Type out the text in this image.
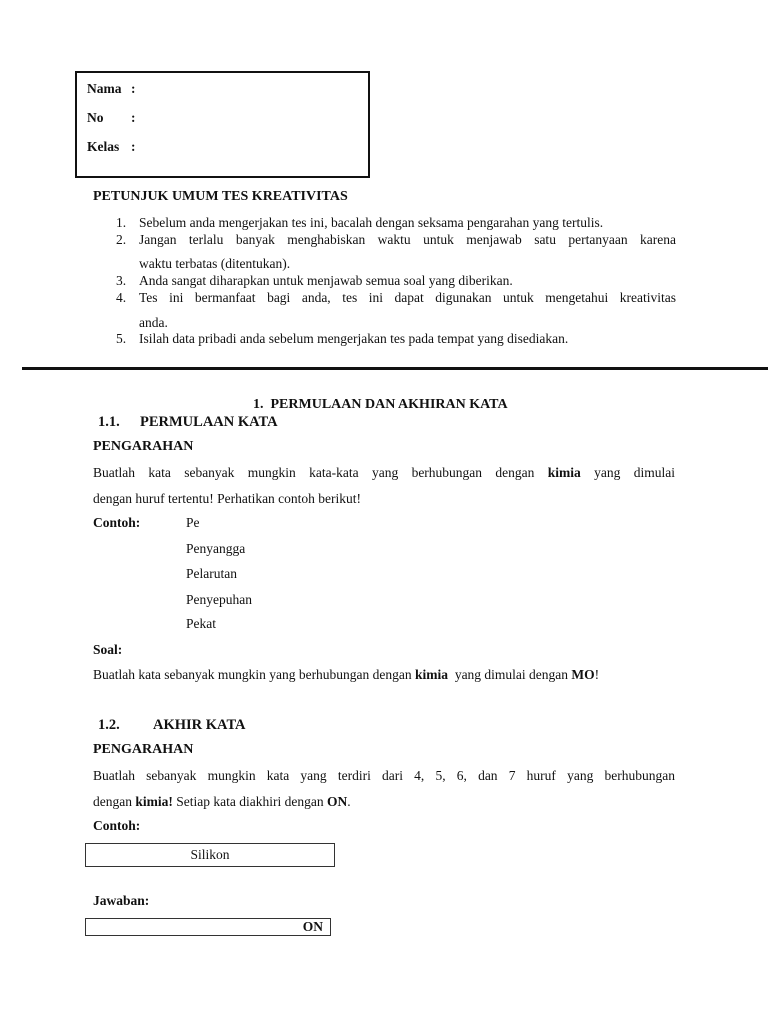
Nama :
No :
Kelas :
PETUNJUK UMUM TES KREATIVITAS
1. Sebelum anda mengerjakan tes ini, bacalah dengan seksama pengarahan yang tertulis.
2. Jangan terlalu banyak menghabiskan waktu untuk menjawab satu pertanyaan karena
waktu terbatas (ditentukan).
3. Anda sangat diharapkan untuk menjawab semua soal yang diberikan.
4. Tes ini bermanfaat bagi anda, tes ini dapat digunakan untuk mengetahui kreativitas
anda.
5. Isilah data pribadi anda sebelum mengerjakan tes pada tempat yang disediakan.
1. PERMULAAN DAN AKHIRAN KATA
1.1. PERMULAAN KATA
PENGARAHAN
Buatlah kata sebanyak mungkin kata-kata yang berhubungan dengan kimia yang dimulai
dengan huruf tertentu! Perhatikan contoh berikut!
Contoh:	Pe
Penyangga
Pelarutan
Penyepuhan
Pekat
Soal:
Buatlah kata sebanyak mungkin yang berhubungan dengan kimia yang dimulai dengan MO!
1.2. AKHIR KATA
PENGARAHAN
Buatlah sebanyak mungkin kata yang terdiri dari 4, 5, 6, dan 7 huruf yang berhubungan
dengan kimia! Setiap kata diakhiri dengan ON.
Contoh:
Silikon
Jawaban:
ON
